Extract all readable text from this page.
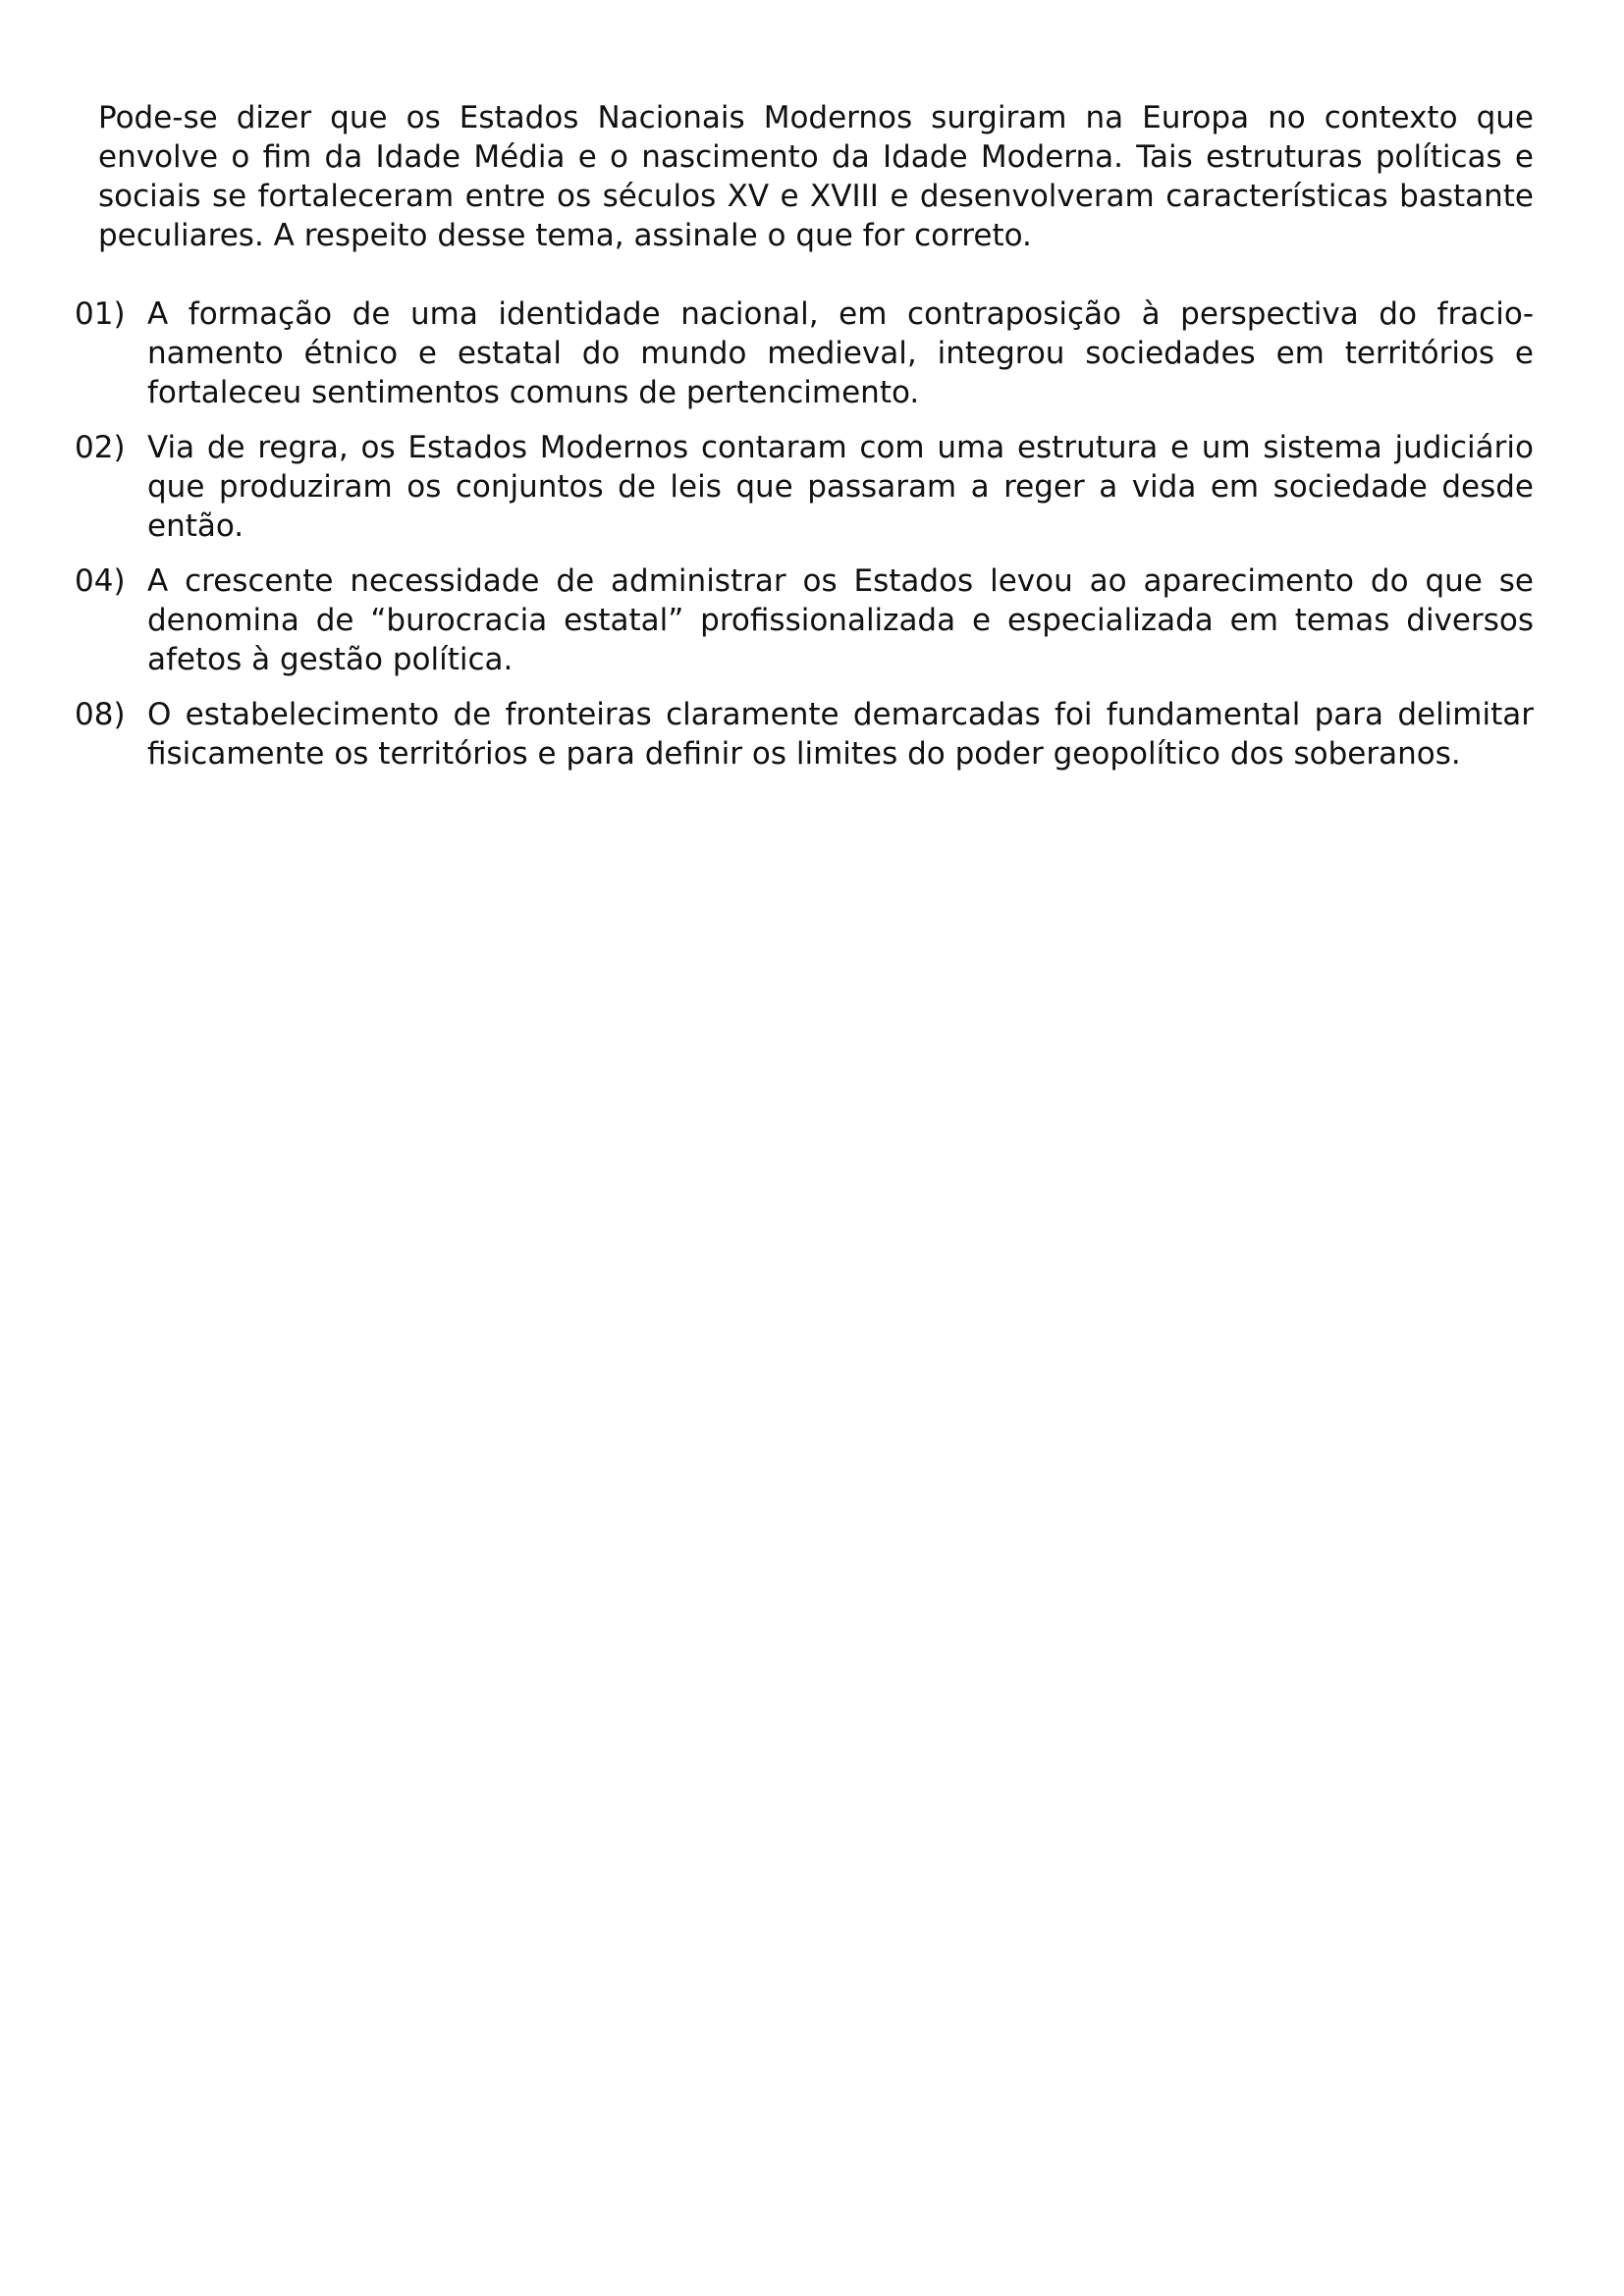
Pode-se dizer que os Estados Nacionais Modernos surgiram na Europa no contexto que envolve o fim da Idade Média e o nascimento da Idade Moderna. Tais estruturas políticas e sociais se fortaleceram entre os séculos XV e XVIII e desenvolveram características bastante peculiares. A respeito desse tema, assinale o que for correto.

01) A formação de uma identidade nacional, em contraposição à perspectiva do fracionamento étnico e estatal do mundo medieval, integrou sociedades em territórios e fortaleceu sentimentos comuns de pertencimento.
02) Via de regra, os Estados Modernos contaram com uma estrutura e um sistema judiciário que produziram os conjuntos de leis que passaram a reger a vida em sociedade desde então.
04) A crescente necessidade de administrar os Estados levou ao aparecimento do que se denomina de “burocracia estatal” profissionalizada e especializada em temas diversos afetos à gestão política.
08) O estabelecimento de fronteiras claramente demarcadas foi fundamental para delimitar fisicamente os territórios e para definir os limites do poder geopolítico dos soberanos.
